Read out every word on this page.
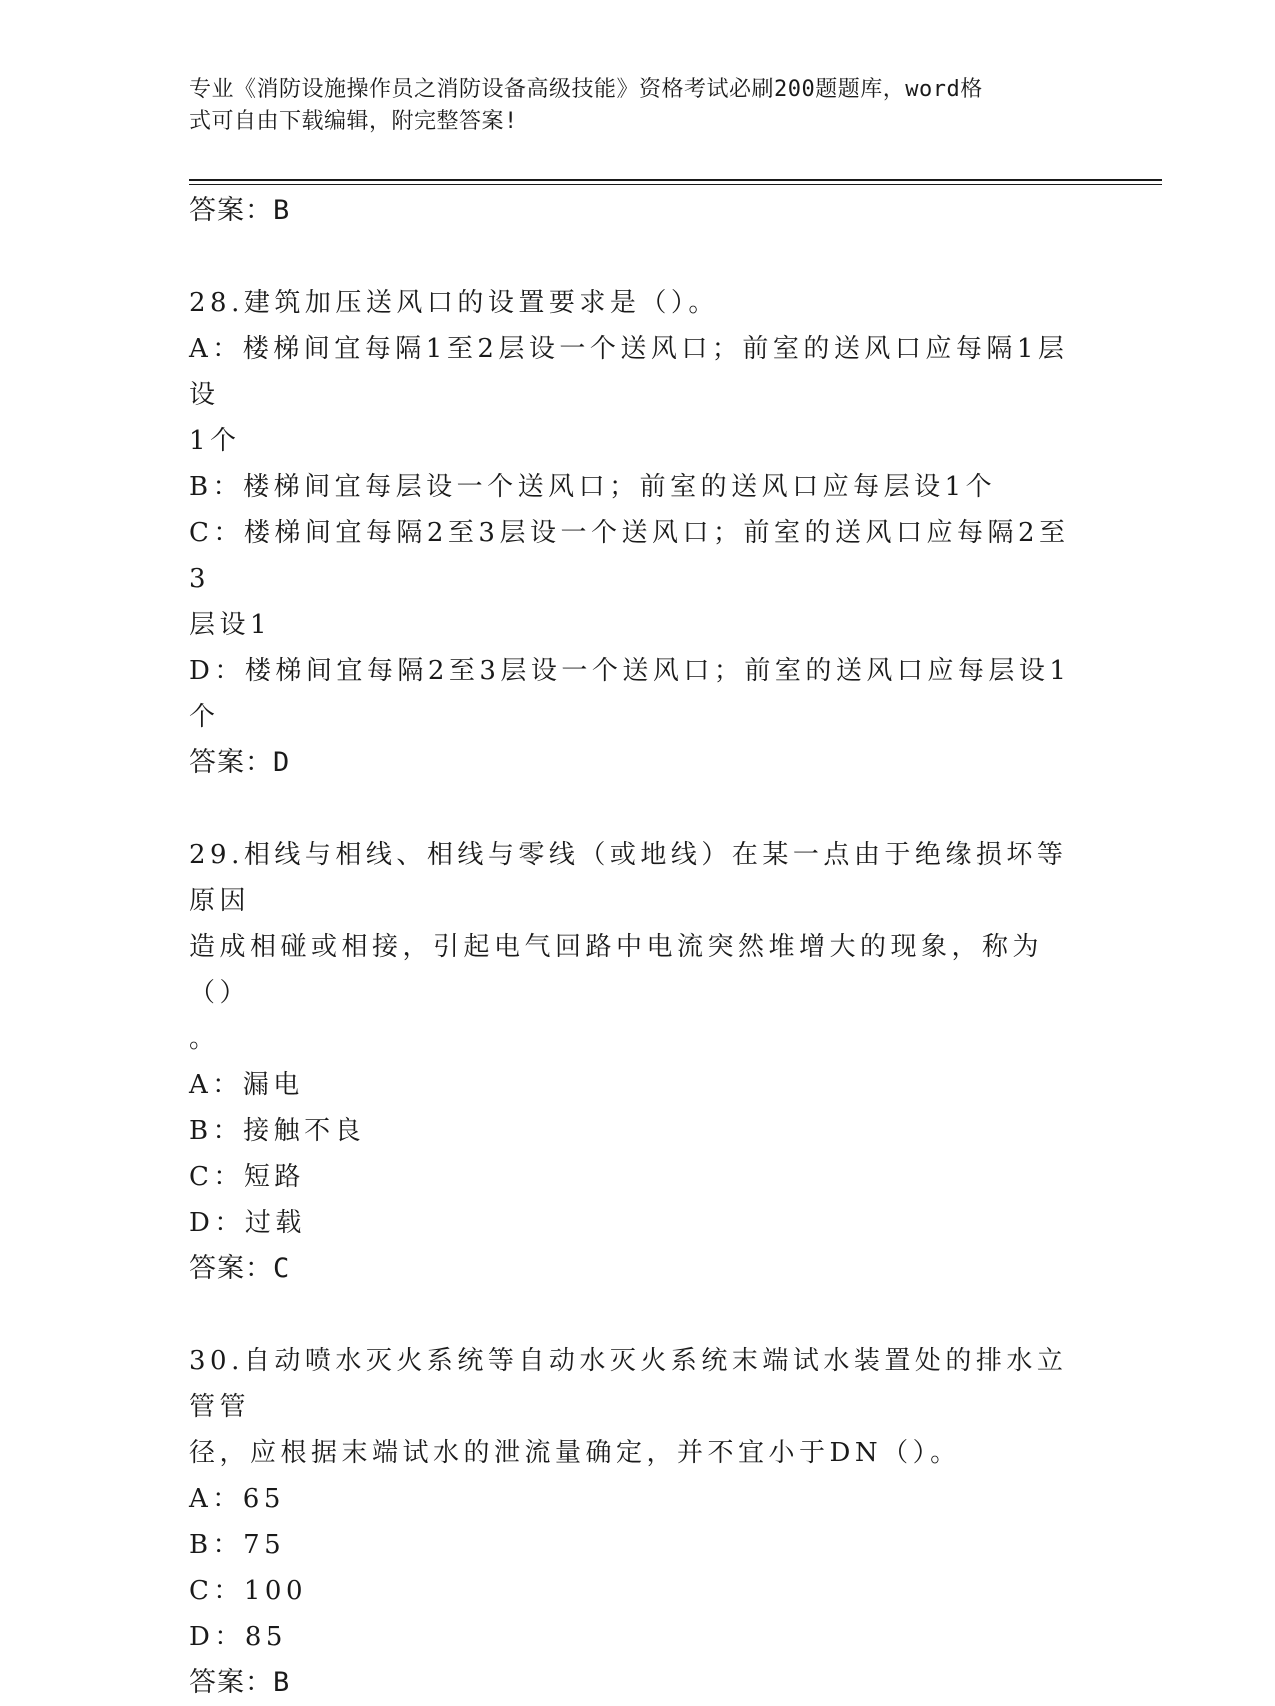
专业《消防设施操作员之消防设备高级技能》资格考试必刷200题题库，word格
式可自由下载编辑，附完整答案!
答案：B
28.建筑加压送风口的设置要求是（）。
A：楼梯间宜每隔1至2层设一个送风口；前室的送风口应每隔1层设
1个
B：楼梯间宜每层设一个送风口；前室的送风口应每层设1个
C：楼梯间宜每隔2至3层设一个送风口；前室的送风口应每隔2至3
层设1
D：楼梯间宜每隔2至3层设一个送风口；前室的送风口应每层设1个
答案：D
29.相线与相线、相线与零线（或地线）在某一点由于绝缘损坏等原因
造成相碰或相接，引起电气回路中电流突然堆增大的现象，称为（）
。
A：漏电
B：接触不良
C：短路
D：过载
答案：C
30.自动喷水灭火系统等自动水灭火系统末端试水装置处的排水立管管
径，应根据末端试水的泄流量确定，并不宜小于DN（）。
A：65
B：75
C：100
D：85
答案：B
